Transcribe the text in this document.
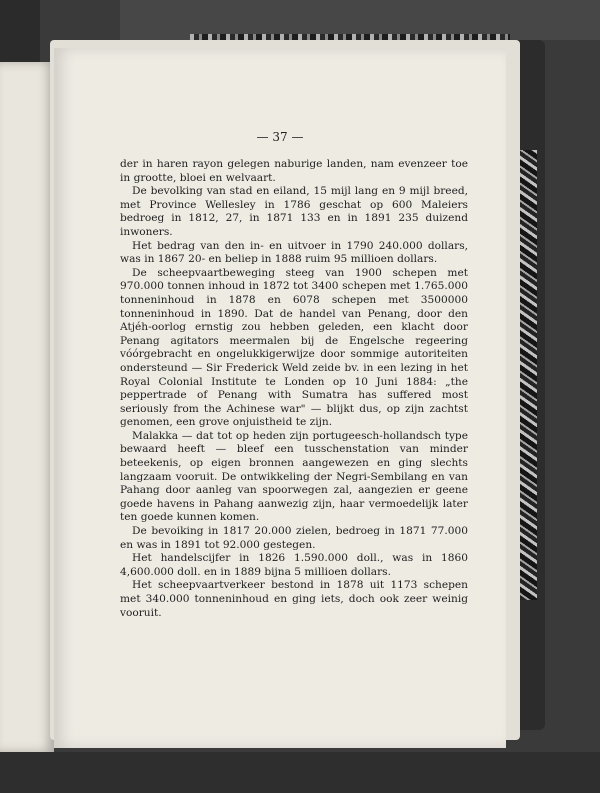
— 37 —

der in haren rayon gelegen naburige landen, nam evenzeer toe in grootte, bloei en welvaart.

De bevolking van stad en eiland, 15 mijl lang en 9 mijl breed, met Province Wellesley in 1786 geschat op 600 Maleiers bedroeg in 1812, 27, in 1871 133 en in 1891 235 duizend inwoners.

Het bedrag van den in- en uitvoer in 1790 240.000 dollars, was in 1867 20- en beliep in 1888 ruim 95 millioen dollars.

De scheepvaartbeweging steeg van 1900 schepen met 970.000 tonnen inhoud in 1872 tot 3400 schepen met 1.765.000 tonneninhoud in 1878 en 6078 schepen met 3500000 tonneninhoud in 1890. Dat de handel van Penang, door den Atjéh-oorlog ernstig zou hebben geleden, een klacht door Penang agitators meermalen bij de Engelsche regeering vóórgebracht en ongelukkigerwijze door sommige autoriteiten ondersteund — Sir Frederick Weld zeide bv. in een lezing in het Royal Colonial Institute te Londen op 10 Juni 1884: „the peppertrade of Penang with Sumatra has suffered most seriously from the Achinese war" — blijkt dus, op zijn zachtst genomen, een grove onjuistheid te zijn.

Malakka — dat tot op heden zijn portugeesch-hollandsch type bewaard heeft — bleef een tusschenstation van minder beteekenis, op eigen bronnen aangewezen en ging slechts langzaam vooruit. De ontwikkeling der Negri-Sembilang en van Pahang door aanleg van spoorwegen zal, aangezien er geene goede havens in Pahang aanwezig zijn, haar vermoedelijk later ten goede kunnen komen.

De bevoiking in 1817 20.000 zielen, bedroeg in 1871 77.000 en was in 1891 tot 92.000 gestegen.

Het handelscijfer in 1826 1.590.000 doll., was in 1860 4,600.000 doll. en in 1889 bijna 5 millioen dollars.

Het scheepvaartverkeer bestond in 1878 uit 1173 schepen met 340.000 tonneninhoud en ging iets, doch ook zeer weinig vooruit.
